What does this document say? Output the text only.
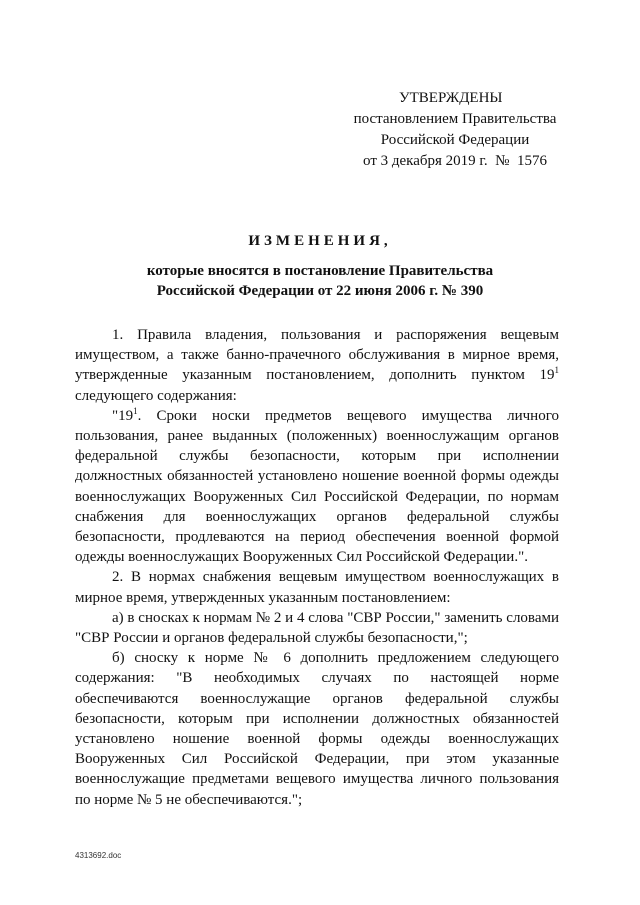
УТВЕРЖДЕНЫ
постановлением Правительства
Российской Федерации
от 3 декабря 2019 г.  №  1576
ИЗМЕНЕНИЯ,
которые вносятся в постановление Правительства
Российской Федерации от 22 июня 2006 г. № 390

1. Правила владения, пользования и распоряжения вещевым имуществом, а также банно-прачечного обслуживания в мирное время, утвержденные указанным постановлением, дополнить пунктом $19^1$ следующего содержания:

"$19^1$. Сроки носки предметов вещевого имущества личного пользования, ранее выданных (положенных) военнослужащим органов федеральной службы безопасности, которым при исполнении должностных обязанностей установлено ношение военной формы одежды военнослужащих Вооруженных Сил Российской Федерации, по нормам снабжения для военнослужащих органов федеральной службы безопасности, продлеваются на период обеспечения военной формой одежды военнослужащих Вооруженных Сил Российской Федерации.".

2. В нормах снабжения вещевым имуществом военнослужащих в мирное время, утвержденных указанным постановлением:

а) в сносках к нормам № 2 и 4 слова "СВР России," заменить словами "СВР России и органов федеральной службы безопасности,";

б) сноску к норме № 6 дополнить предложением следующего содержания: "В необходимых случаях по настоящей норме обеспечиваются военнослужащие органов федеральной службы безопасности, которым при исполнении должностных обязанностей установлено ношение военной формы одежды военнослужащих Вооруженных Сил Российской Федерации, при этом указанные военнослужащие предметами вещевого имущества личного пользования по норме № 5 не обеспечиваются.";

4313692.doc
